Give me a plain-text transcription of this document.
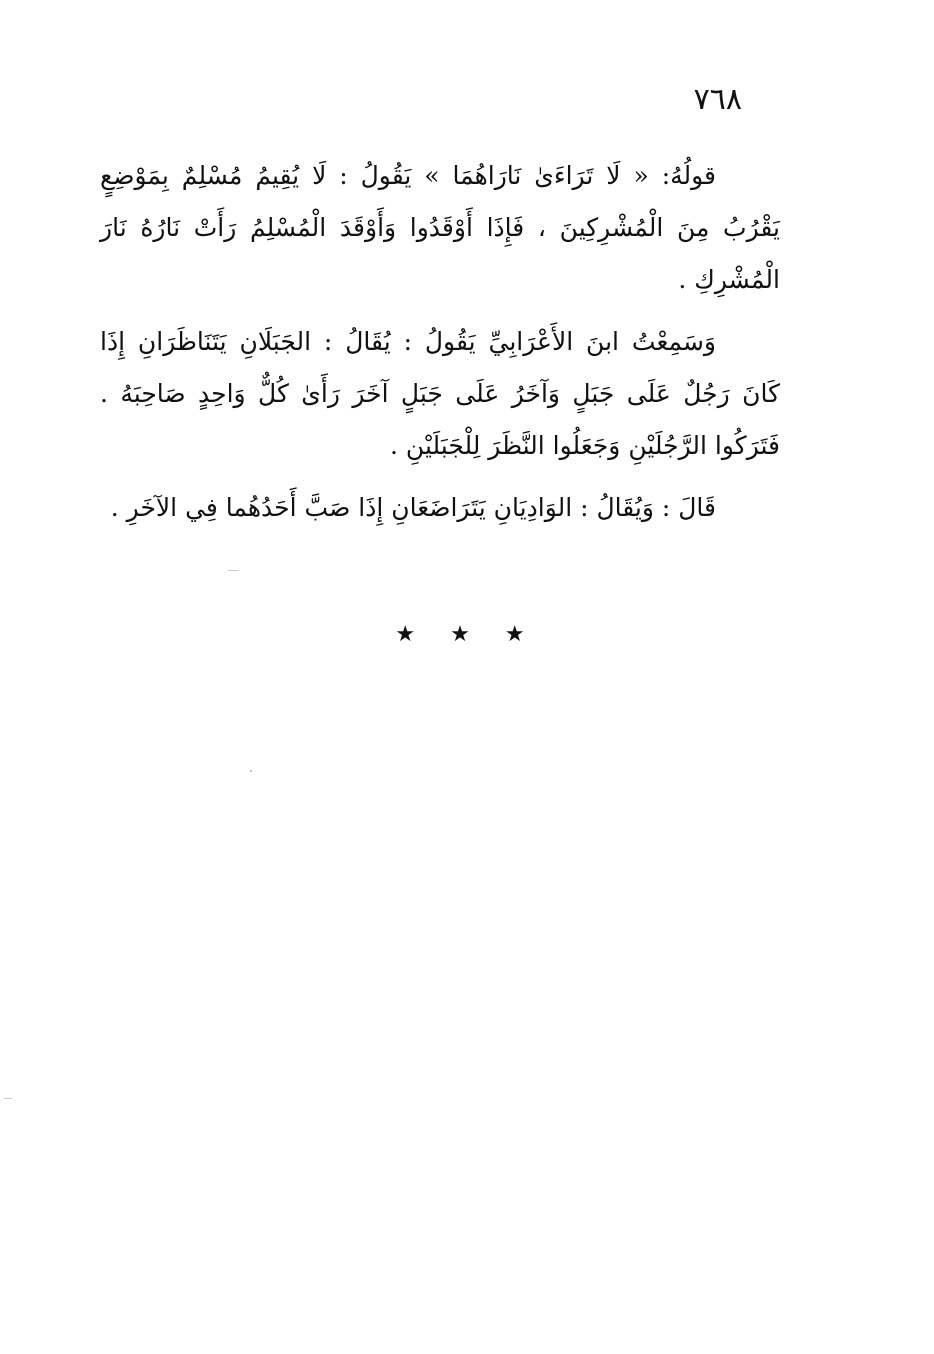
٧٦٨

قولُهُ: « لَا تَرَاءَىٰ نَارَاهُمَا » يَقُولُ : لَا يُقِيمُ مُسْلِمٌ بِمَوْضِعٍ يَقْرُبُ مِنَ الْمُشْرِكِينَ ، فَإِذَا أَوْقَدُوا وَأَوْقَدَ الْمُسْلِمُ رَأَتْ نَارُهُ نَارَ الْمُشْرِكِ .

وَسَمِعْتُ ابنَ الأَعْرَابِيِّ يَقُولُ : يُقَالُ : الجَبَلَانِ يَتَنَاظَرَانِ إِذَا كَانَ رَجُلٌ عَلَى جَبَلٍ وَآخَرُ عَلَى جَبَلٍ آخَرَ رَأَىٰ كُلٌّ وَاحِدٍ صَاحِبَهُ . فَتَرَكُوا الرَّجُلَيْنِ وَجَعَلُوا النَّظَرَ لِلْجَبَلَيْنِ .

قَالَ : وَيُقَالُ : الوَادِيَانِ يَتَرَاضَعَانِ إِذَا صَبَّ أَحَدُهُما فِي الآخَرِ .

★ ★ ★
